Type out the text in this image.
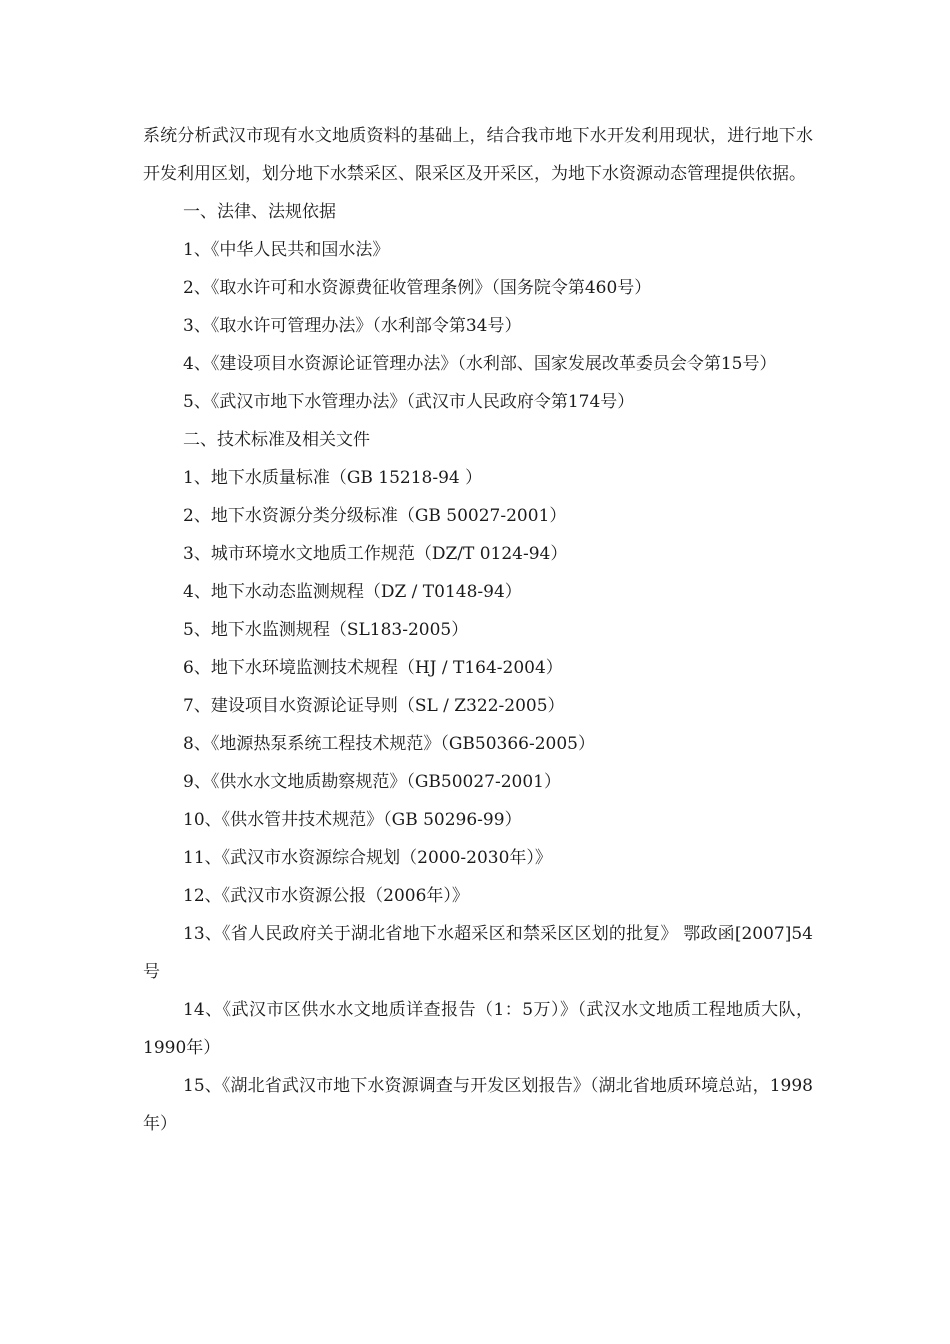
系统分析武汉市现有水文地质资料的基础上，结合我市地下水开发利用现状，进行地下水开发利用区划，划分地下水禁采区、限采区及开采区，为地下水资源动态管理提供依据。

一、法律、法规依据

1、《中华人民共和国水法》

2、《取水许可和水资源费征收管理条例》（国务院令第460号）

3、《取水许可管理办法》（水利部令第34号）

4、《建设项目水资源论证管理办法》（水利部、国家发展改革委员会令第15号）

5、《武汉市地下水管理办法》（武汉市人民政府令第174号）

二、技术标准及相关文件

1、地下水质量标准（GB 15218-94 ）

2、地下水资源分类分级标准（GB 50027-2001）

3、城市环境水文地质工作规范（DZ/T 0124-94）

4、地下水动态监测规程（DZ / T0148-94）

5、地下水监测规程（SL183-2005）

6、地下水环境监测技术规程（HJ / T164-2004）

7、建设项目水资源论证导则（SL / Z322-2005）

8、《地源热泵系统工程技术规范》（GB50366-2005）

9、《供水水文地质勘察规范》（GB50027-2001）

10、《供水管井技术规范》（GB 50296-99）

11、《武汉市水资源综合规划（2000-2030年）》

12、《武汉市水资源公报（2006年）》

13、《省人民政府关于湖北省地下水超采区和禁采区区划的批复》 鄂政函[2007]54号

14、《武汉市区供水水文地质详查报告（1：5万）》（武汉水文地质工程地质大队，1990年）

15、《湖北省武汉市地下水资源调查与开发区划报告》（湖北省地质环境总站，1998年）
